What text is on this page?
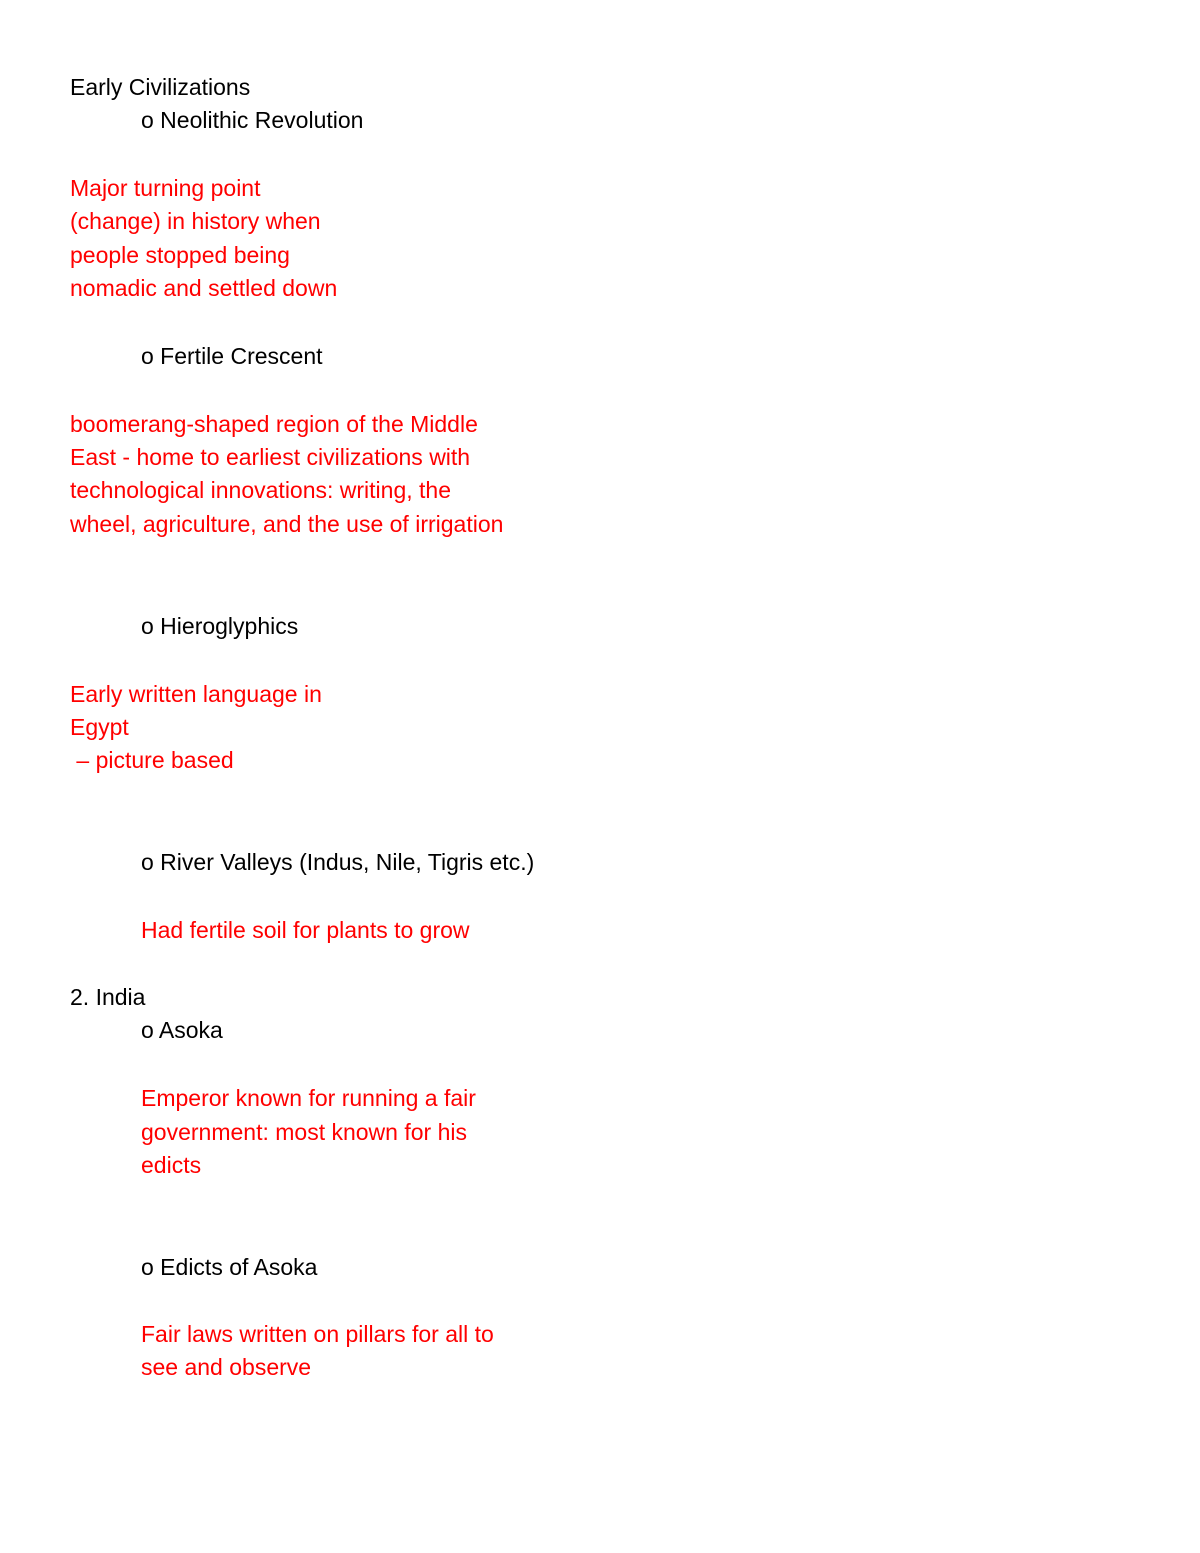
Early Civilizations

o Neolithic Revolution

Major turning point

(change) in history when

people stopped being

nomadic and settled down

o Fertile Crescent

boomerang-shaped region of the Middle

East - home to earliest civilizations with

technological innovations: writing, the

wheel, agriculture, and the use of irrigation

o Hieroglyphics

Early written language in

Egypt

– picture based

o River Valleys (Indus, Nile, Tigris etc.)

Had fertile soil for plants to grow

2. India

o Asoka

Emperor known for running a fair

government: most known for his

edicts

o Edicts of Asoka

Fair laws written on pillars for all to

see and observe
